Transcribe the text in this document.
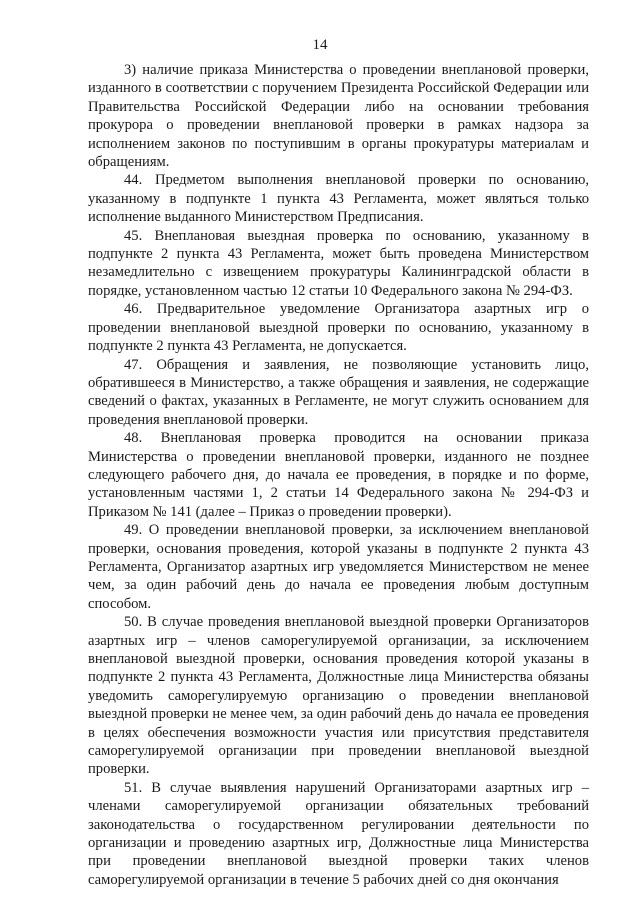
14

3) наличие приказа Министерства о проведении внеплановой проверки, изданного в соответствии с поручением Президента Российской Федерации или Правительства Российской Федерации либо на основании требования прокурора о проведении внеплановой проверки в рамках надзора за исполнением законов по поступившим в органы прокуратуры материалам и обращениям.

44. Предметом выполнения внеплановой проверки по основанию, указанному в подпункте 1 пункта 43 Регламента, может являться только исполнение выданного Министерством Предписания.

45. Внеплановая выездная проверка по основанию, указанному в подпункте 2 пункта 43 Регламента, может быть проведена Министерством незамедлительно с извещением прокуратуры Калининградской области в порядке, установленном частью 12 статьи 10 Федерального закона № 294-ФЗ.

46. Предварительное уведомление Организатора азартных игр о проведении внеплановой выездной проверки по основанию, указанному в подпункте 2 пункта 43 Регламента, не допускается.

47. Обращения и заявления, не позволяющие установить лицо, обратившееся в Министерство, а также обращения и заявления, не содержащие сведений о фактах, указанных в Регламенте, не могут служить основанием для проведения внеплановой проверки.

48. Внеплановая проверка проводится на основании приказа Министерства о проведении внеплановой проверки, изданного не позднее следующего рабочего дня, до начала ее проведения, в порядке и по форме, установленным частями 1, 2 статьи 14 Федерального закона № 294-ФЗ и Приказом № 141 (далее – Приказ о проведении проверки).

49. О проведении внеплановой проверки, за исключением внеплановой проверки, основания проведения, которой указаны в подпункте 2 пункта 43 Регламента, Организатор азартных игр уведомляется Министерством не менее чем, за один рабочий день до начала ее проведения любым доступным способом.

50. В случае проведения внеплановой выездной проверки Организаторов азартных игр – членов саморегулируемой организации, за исключением внеплановой выездной проверки, основания проведения которой указаны в подпункте 2 пункта 43 Регламента, Должностные лица Министерства обязаны уведомить саморегулируемую организацию о проведении внеплановой выездной проверки не менее чем, за один рабочий день до начала ее проведения в целях обеспечения возможности участия или присутствия представителя саморегулируемой организации при проведении внеплановой выездной проверки.

51. В случае выявления нарушений Организаторами азартных игр – членами саморегулируемой организации обязательных требований законодательства о государственном регулировании деятельности по организации и проведению азартных игр, Должностные лица Министерства при проведении внеплановой выездной проверки таких членов саморегулируемой организации в течение 5 рабочих дней со дня окончания
